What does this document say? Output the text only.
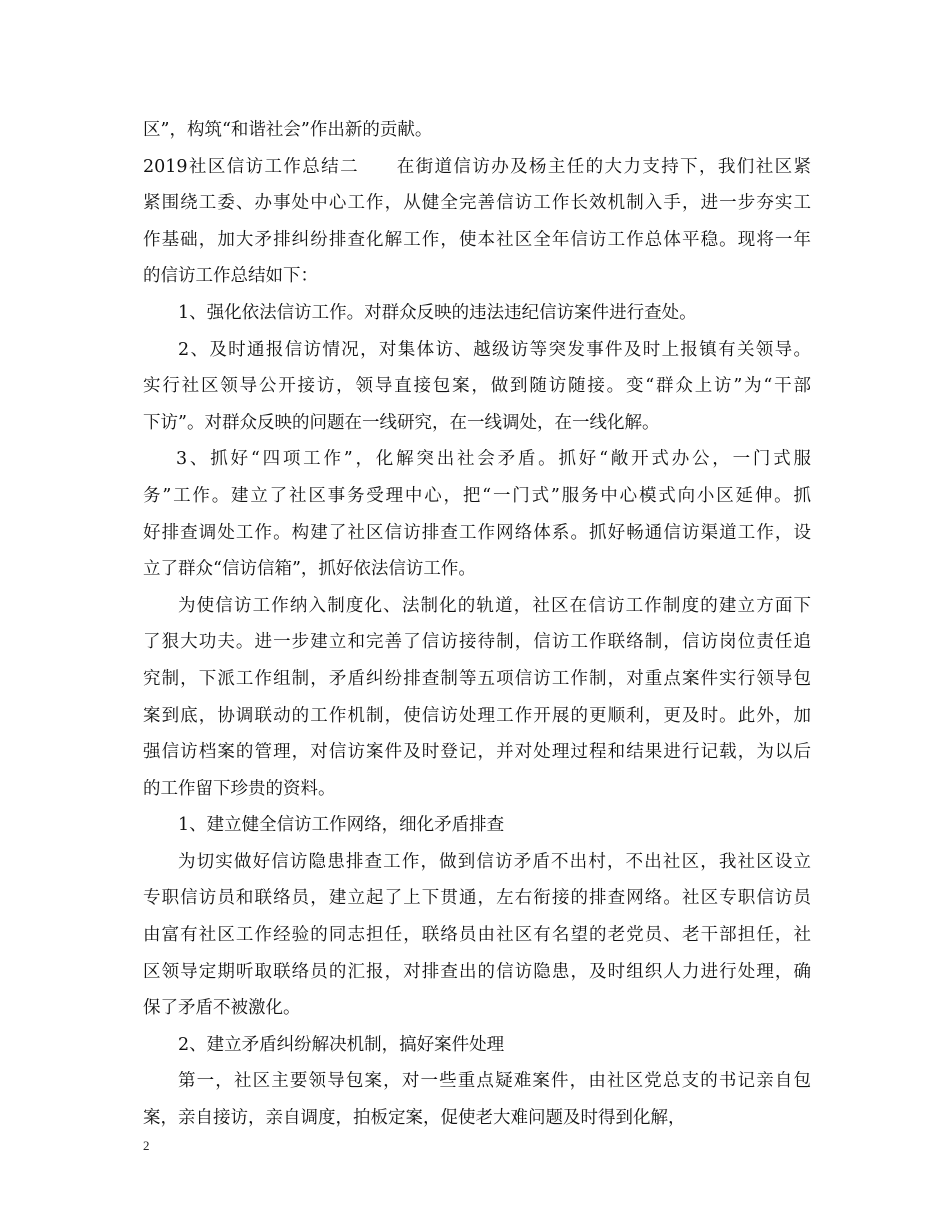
区”，构筑“和谐社会”作出新的贡献。
2019社区信访工作总结二　　在街道信访办及杨主任的大力支持下，我们社区紧
紧围绕工委、办事处中心工作，从健全完善信访工作长效机制入手，进一步夯实工
作基础，加大矛排纠纷排查化解工作，使本社区全年信访工作总体平稳。现将一年
的信访工作总结如下：
1、强化依法信访工作。对群众反映的违法违纪信访案件进行查处。
2、及时通报信访情况，对集体访、越级访等突发事件及时上报镇有关领导。
实行社区领导公开接访，领导直接包案，做到随访随接。变“群众上访”为“干部
下访”。对群众反映的问题在一线研究，在一线调处，在一线化解。
3、抓好“四项工作”，化解突出社会矛盾。抓好“敞开式办公，一门式服
务”工作。建立了社区事务受理中心，把“一门式”服务中心模式向小区延伸。抓
好排查调处工作。构建了社区信访排查工作网络体系。抓好畅通信访渠道工作，设
立了群众“信访信箱”，抓好依法信访工作。
为使信访工作纳入制度化、法制化的轨道，社区在信访工作制度的建立方面下
了狠大功夫。进一步建立和完善了信访接待制，信访工作联络制，信访岗位责任追
究制，下派工作组制，矛盾纠纷排查制等五项信访工作制，对重点案件实行领导包
案到底，协调联动的工作机制，使信访处理工作开展的更顺利，更及时。此外，加
强信访档案的管理，对信访案件及时登记，并对处理过程和结果进行记载，为以后
的工作留下珍贵的资料。
1、建立健全信访工作网络，细化矛盾排查
为切实做好信访隐患排查工作，做到信访矛盾不出村，不出社区，我社区设立
专职信访员和联络员，建立起了上下贯通，左右衔接的排查网络。社区专职信访员
由富有社区工作经验的同志担任，联络员由社区有名望的老党员、老干部担任，社
区领导定期听取联络员的汇报，对排查出的信访隐患，及时组织人力进行处理，确
保了矛盾不被激化。
2、建立矛盾纠纷解决机制，搞好案件处理
第一，社区主要领导包案，对一些重点疑难案件，由社区党总支的书记亲自包
案，亲自接访，亲自调度，拍板定案，促使老大难问题及时得到化解，
2
